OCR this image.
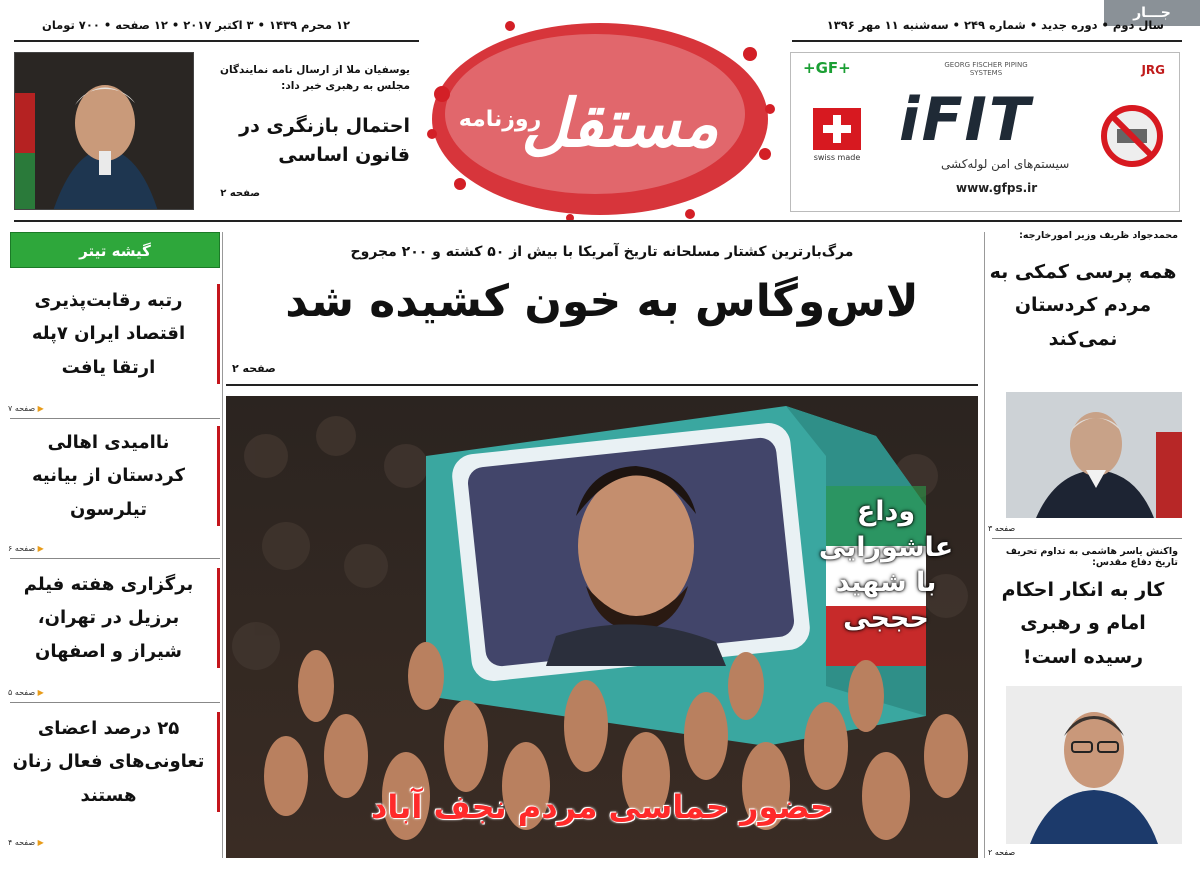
جـــار
سال دوم • دوره جدید • شماره ۲۴۹ • سه‌شنبه ۱۱ مهر ۱۳۹۶
۱۲ محرم ۱۴۳۹ • ۳ اکتبر ۲۰۱۷ • ۱۲ صفحه • ۷۰۰ تومان
مستقل
روزنامه
+GF+	GEORG FISCHER PIPING SYSTEMS	JRG
swiss made
iFIT
سیستم‌های امن لوله‌کشی
www.gfps.ir
یوسفیان ملا از ارسال نامه نمایندگان مجلس به رهبری خبر داد:
احتمال بازنگری در قانون اساسی
صفحه ۲
گیشه تیتر
رتبه رقابت‌پذیری اقتصاد ایران ۷پله ارتقا یافت
▶ صفحه ۷
ناامیدی اهالی کردستان از بیانیه تیلرسون
▶ صفحه ۶
برگزاری هفته فیلم برزیل در تهران، شیراز و اصفهان
▶ صفحه ۵
۲۵ درصد اعضای تعاونی‌های فعال زنان هستند
▶ صفحه ۴
مرگ‌بارترین کشتار مسلحانه تاریخ آمریکا با بیش از ۵۰ کشته و ۲۰۰ مجروح
لاس‌وگاس به خون کشیده شد
صفحه ۲
وداع عاشورایی با شهید حججی
حضور حماسی مردم نجف آباد
محمدجواد ظریف وزیر امورخارجه:
همه پرسی کمکی به مردم کردستان نمی‌کند
صفحه ۳
واکنش یاسر هاشمی به تداوم تحریف تاریخ دفاع مقدس:
کار به انکار احکام امام و رهبری رسیده است!
صفحه ۲
